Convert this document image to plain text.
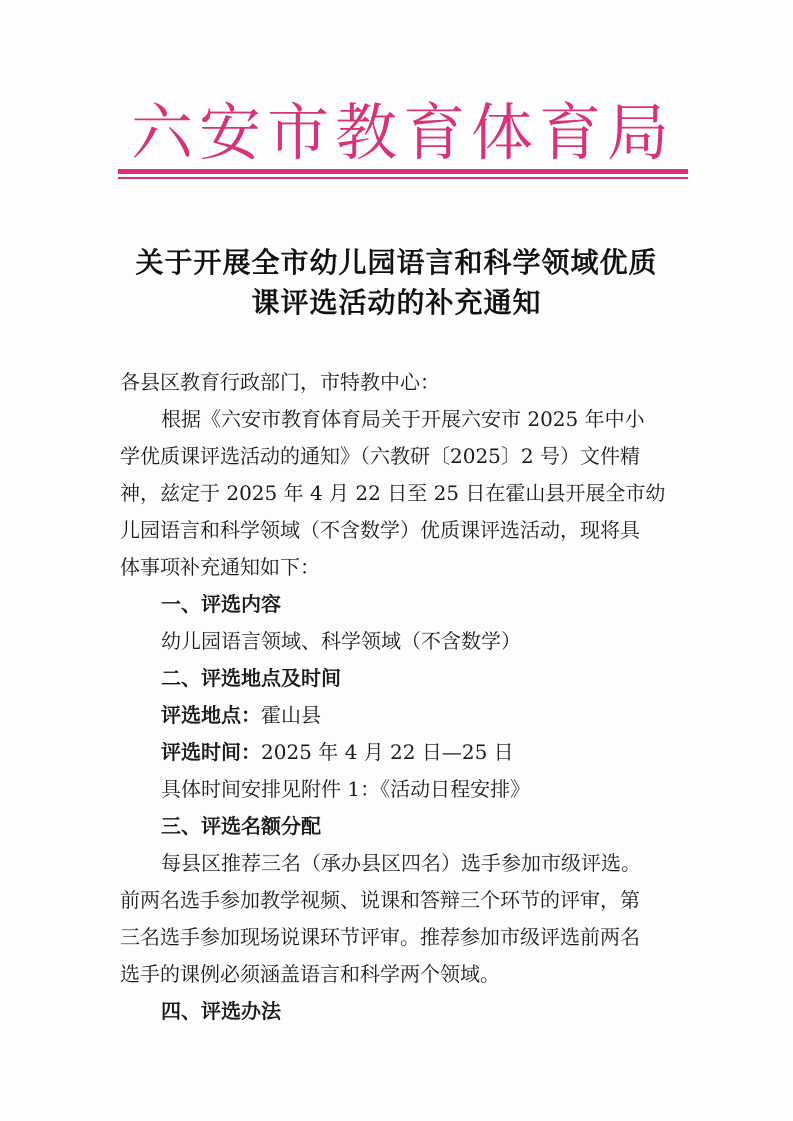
六安市教育体育局
关于开展全市幼儿园语言和科学领域优质
课评选活动的补充通知
各县区教育行政部门，市特教中心：
根据《六安市教育体育局关于开展六安市 2025 年中小
学优质课评选活动的通知》（六教研〔2025〕2 号）文件精
神，兹定于 2025 年 4 月 22 日至 25 日在霍山县开展全市幼
儿园语言和科学领域（不含数学）优质课评选活动，现将具
体事项补充通知如下：
一、评选内容
幼儿园语言领域、科学领域（不含数学）
二、评选地点及时间
评选地点：霍山县
评选时间：2025 年 4 月 22 日—25 日
具体时间安排见附件 1：《活动日程安排》
三、评选名额分配
每县区推荐三名（承办县区四名）选手参加市级评选。
前两名选手参加教学视频、说课和答辩三个环节的评审，第
三名选手参加现场说课环节评审。推荐参加市级评选前两名
选手的课例必须涵盖语言和科学两个领域。
四、评选办法
